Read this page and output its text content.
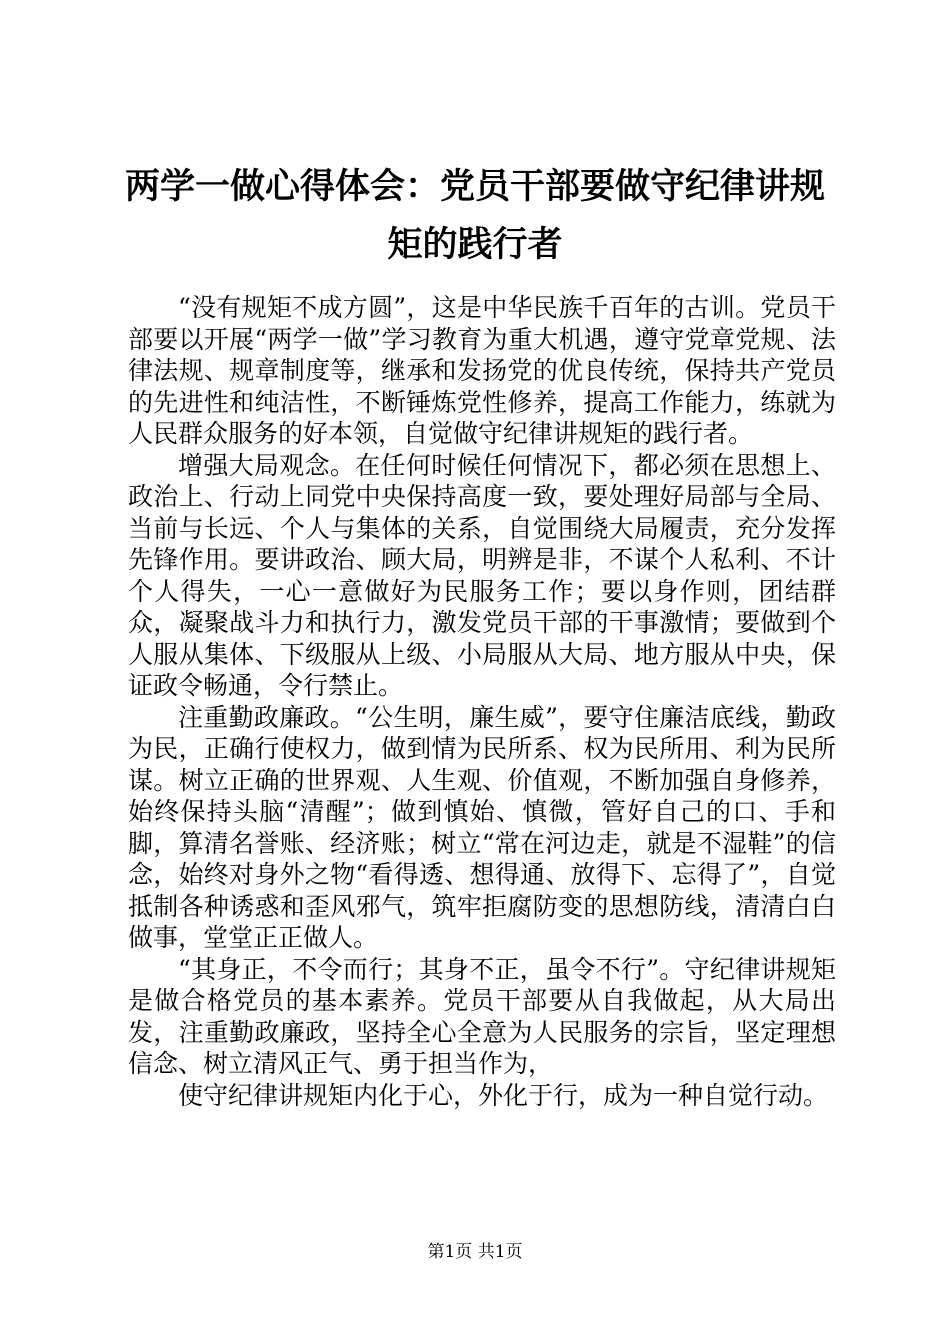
两学一做心得体会：党员干部要做守纪律讲规矩的践行者

“没有规矩不成方圆”，这是中华民族千百年的古训。党员干部要以开展“两学一做”学习教育为重大机遇，遵守党章党规、法律法规、规章制度等，继承和发扬党的优良传统，保持共产党员的先进性和纯洁性，不断锤炼党性修养，提高工作能力，练就为人民群众服务的好本领，自觉做守纪律讲规矩的践行者。

增强大局观念。在任何时候任何情况下，都必须在思想上、政治上、行动上同党中央保持高度一致，要处理好局部与全局、当前与长远、个人与集体的关系，自觉围绕大局履责，充分发挥先锋作用。要讲政治、顾大局，明辨是非，不谋个人私利、不计个人得失，一心一意做好为民服务工作；要以身作则，团结群众，凝聚战斗力和执行力，激发党员干部的干事激情；要做到个人服从集体、下级服从上级、小局服从大局、地方服从中央，保证政令畅通，令行禁止。

注重勤政廉政。“公生明，廉生威”，要守住廉洁底线，勤政为民，正确行使权力，做到情为民所系、权为民所用、利为民所谋。树立正确的世界观、人生观、价值观，不断加强自身修养，始终保持头脑“清醒”；做到慎始、慎微，管好自己的口、手和脚，算清名誉账、经济账；树立“常在河边走，就是不湿鞋”的信念，始终对身外之物“看得透、想得通、放得下、忘得了”，自觉抵制各种诱惑和歪风邪气，筑牢拒腐防变的思想防线，清清白白做事，堂堂正正做人。

“其身正，不令而行；其身不正，虽令不行”。守纪律讲规矩是做合格党员的基本素养。党员干部要从自我做起，从大局出发，注重勤政廉政，坚持全心全意为人民服务的宗旨，坚定理想信念、树立清风正气、勇于担当作为，

使守纪律讲规矩内化于心，外化于行，成为一种自觉行动。

第1页 共1页
